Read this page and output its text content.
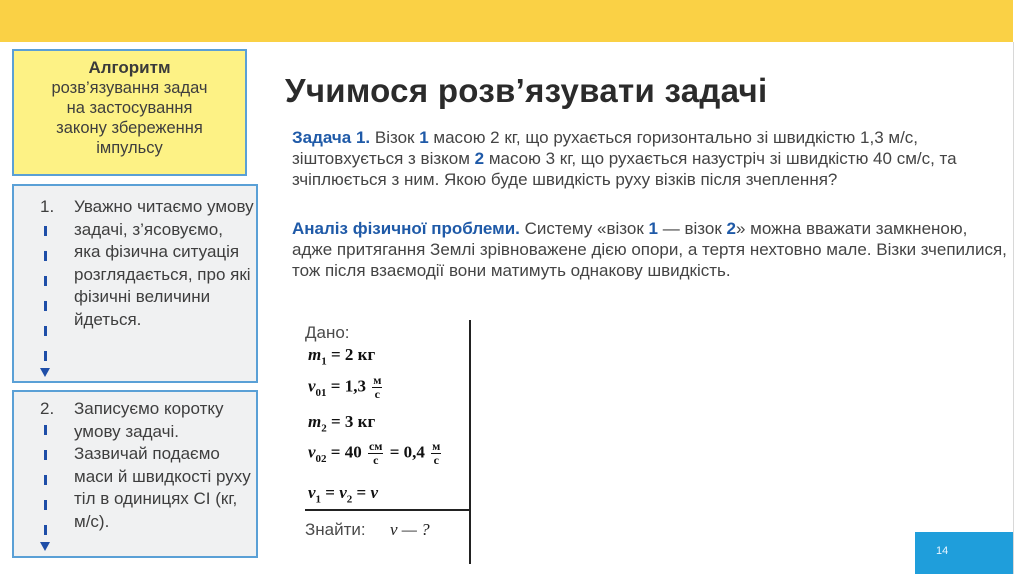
Алгоритм
розв’язування задач
на застосування
закону збереження
імпульсу
1. Уважно читаємо умову задачі, з’ясовуємо, яка фізична ситуація розглядається, про які фізичні величини йдеться.
2. Записуємо коротку умову задачі. Зазвичай подаємо маси й швидкості руху тіл в одиницях СІ (кг, м/с).
Учимося розв’язувати задачі
Задача 1. Візок 1 масою 2 кг, що рухається горизонтально зі швидкістю 1,3 м/с, зіштовхується з візком 2 масою 3 кг, що рухається назустріч зі швидкістю 40 см/с, та зчіплюється з ним. Якою буде швидкість руху візків після зчеплення?
Аналіз фізичної проблеми. Систему «візок 1 — візок 2» можна вважати замкненою, адже притягання Землі зрівноважене дією опори, а тертя нехтовно мале. Візки зчепилися, тож після взаємодії вони матимуть однакову швидкість.
Дано:
$m_1 = 2$ кг
$v_{01} = 1,3 \frac{м}{с}$
$m_2 = 3$ кг
$v_{02} = 40 \frac{см}{с} = 0,4 \frac{м}{с}$
$v_1 = v_2 = v$
Знайти: v — ?
14
